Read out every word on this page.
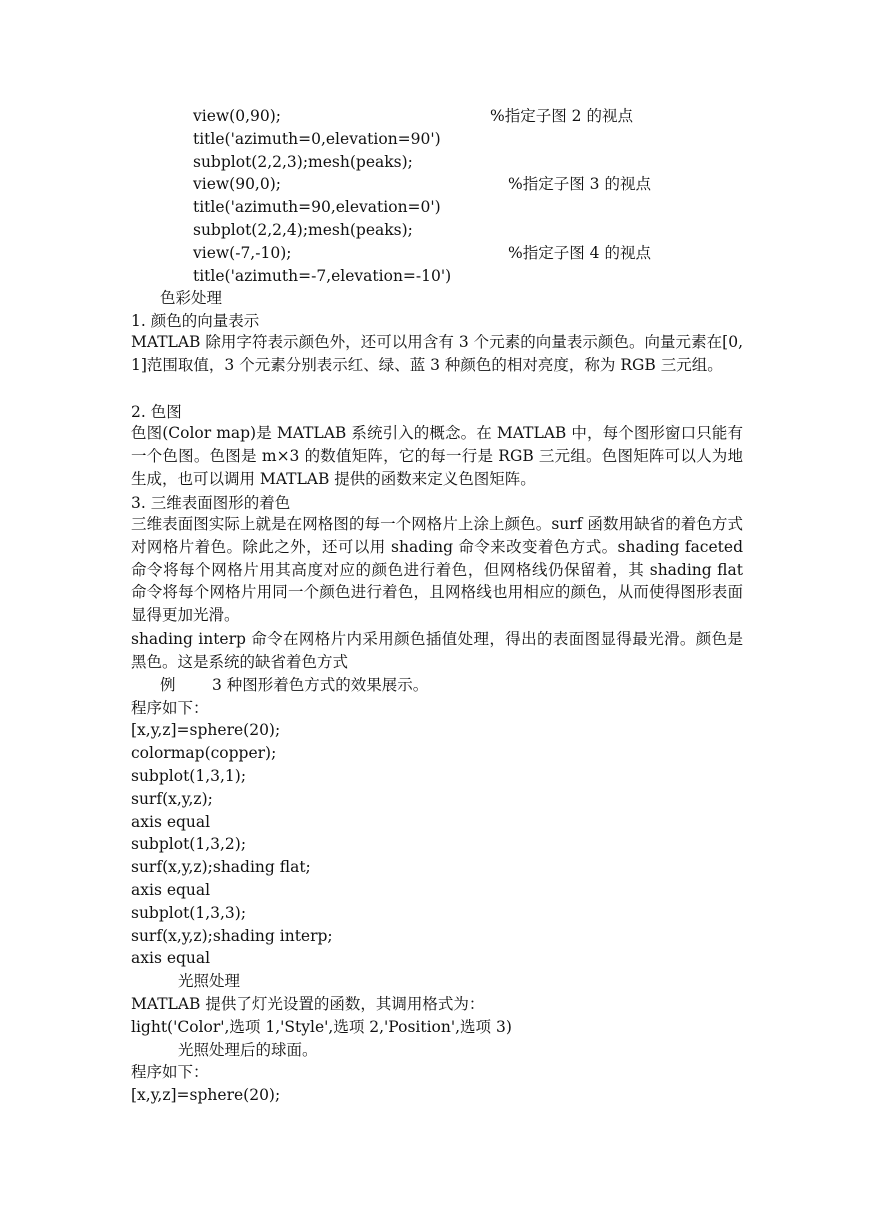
view(0,90);	%指定子图 2 的视点
title('azimuth=0,elevation=90')
subplot(2,2,3);mesh(peaks);
view(90,0);	%指定子图 3 的视点
title('azimuth=90,elevation=0')
subplot(2,2,4);mesh(peaks);
view(-7,-10);	%指定子图 4 的视点
title('azimuth=-7,elevation=-10')
色彩处理
1. 颜色的向量表示
MATLAB 除用字符表示颜色外，还可以用含有 3 个元素的向量表示颜色。向量元素在[0,1]范围取值，3 个元素分别表示红、绿、蓝 3 种颜色的相对亮度，称为 RGB 三元组。
2. 色图
色图(Color map)是 MATLAB 系统引入的概念。在 MATLAB 中，每个图形窗口只能有一个色图。色图是 m×3 的数值矩阵，它的每一行是 RGB 三元组。色图矩阵可以人为地生成，也可以调用 MATLAB 提供的函数来定义色图矩阵。
3. 三维表面图形的着色
三维表面图实际上就是在网格图的每一个网格片上涂上颜色。surf 函数用缺省的着色方式对网格片着色。除此之外，还可以用 shading 命令来改变着色方式。shading faceted 命令将每个网格片用其高度对应的颜色进行着色，但网格线仍保留着，其 shading flat 命令将每个网格片用同一个颜色进行着色，且网格线也用相应的颜色，从而使得图形表面显得更加光滑。
shading interp 命令在网格片内采用颜色插值处理，得出的表面图显得最光滑。颜色是黑色。这是系统的缺省着色方式
例 3 种图形着色方式的效果展示。
程序如下：
[x,y,z]=sphere(20);
colormap(copper);
subplot(1,3,1);
surf(x,y,z);
axis equal
subplot(1,3,2);
surf(x,y,z);shading flat;
axis equal
subplot(1,3,3);
surf(x,y,z);shading interp;
axis equal
光照处理
MATLAB 提供了灯光设置的函数，其调用格式为：
light('Color',选项 1,'Style',选项 2,'Position',选项 3)
光照处理后的球面。
程序如下：
[x,y,z]=sphere(20);
